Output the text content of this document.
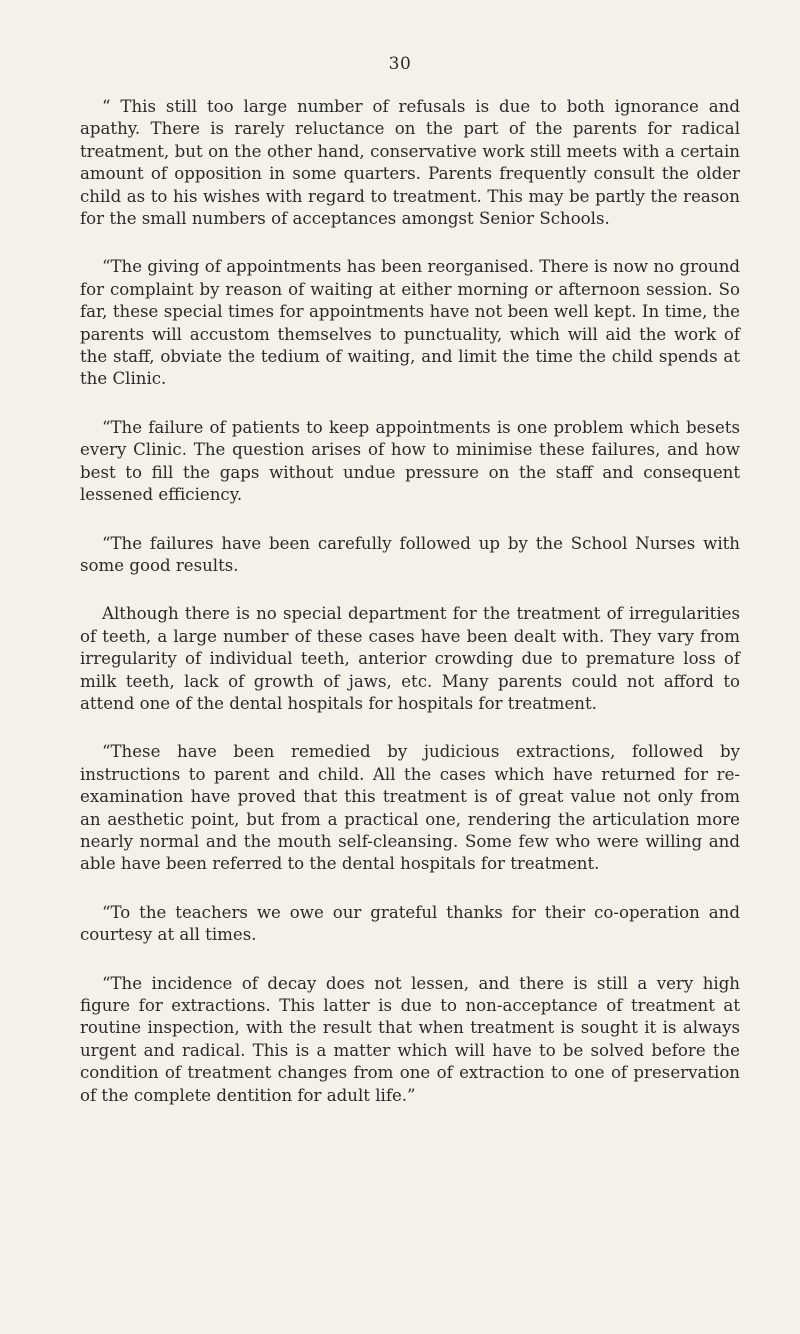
30

“ This still too large number of refusals is due to both ignorance and apathy. There is rarely reluctance on the part of the parents for radical treatment, but on the other hand, conservative work still meets with a certain amount of opposition in some quarters. Parents frequently consult the older child as to his wishes with regard to treatment. This may be partly the reason for the small numbers of acceptances amongst Senior Schools.

“The giving of appointments has been reorganised. There is now no ground for complaint by reason of waiting at either morning or afternoon session. So far, these special times for appointments have not been well kept. In time, the parents will accustom themselves to punctuality, which will aid the work of the staff, obviate the tedium of waiting, and limit the time the child spends at the Clinic.

“The failure of patients to keep appointments is one problem which besets every Clinic. The question arises of how to minimise these failures, and how best to fill the gaps without undue pressure on the staff and consequent lessened efficiency.

“The failures have been carefully followed up by the School Nurses with some good results.

Although there is no special department for the treatment of irregularities of teeth, a large number of these cases have been dealt with. They vary from irregularity of individual teeth, anterior crowding due to premature loss of milk teeth, lack of growth of jaws, etc. Many parents could not afford to attend one of the dental hospitals for hospitals for treatment.

“These have been remedied by judicious extractions, followed by instructions to parent and child. All the cases which have returned for re-examination have proved that this treatment is of great value not only from an aesthetic point, but from a practical one, rendering the articulation more nearly normal and the mouth self-cleansing. Some few who were willing and able have been referred to the dental hospitals for treatment.

“To the teachers we owe our grateful thanks for their co-operation and courtesy at all times.

“The incidence of decay does not lessen, and there is still a very high figure for extractions. This latter is due to non-acceptance of treatment at routine inspection, with the result that when treatment is sought it is always urgent and radical. This is a matter which will have to be solved before the condition of treatment changes from one of extraction to one of preservation of the complete dentition for adult life.”
